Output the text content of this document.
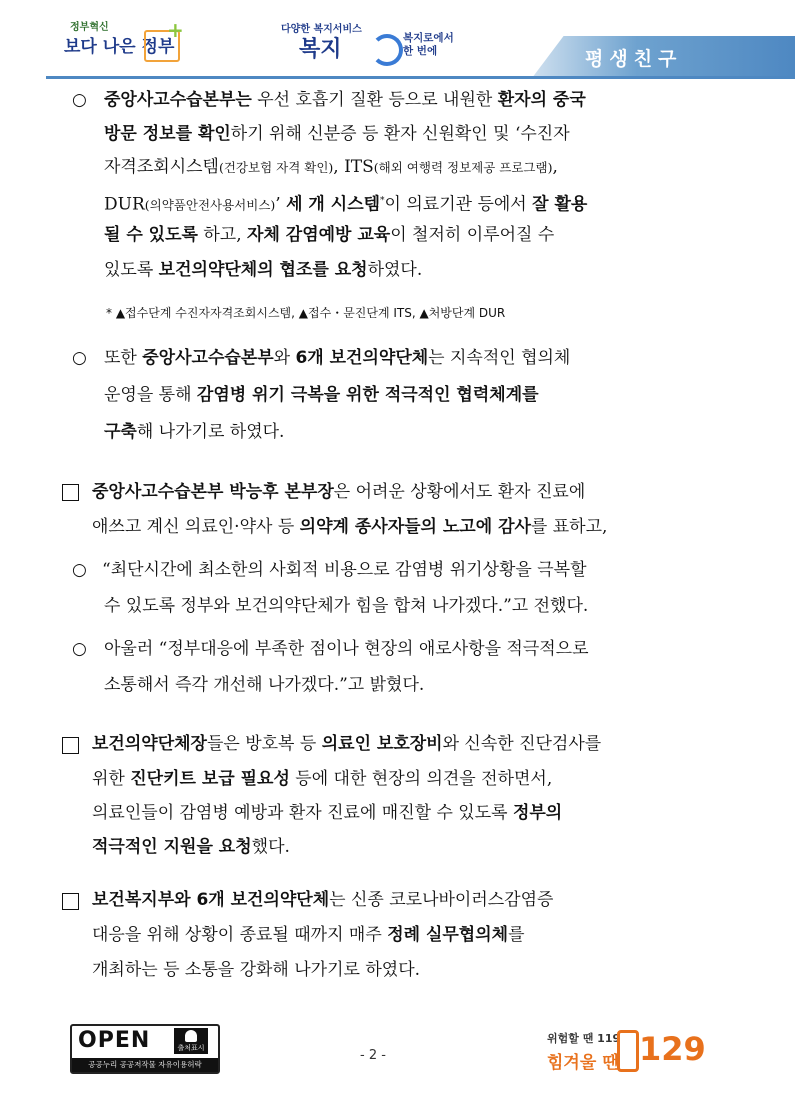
정부혁신
보다 나은 정부
+	다양한 복지서비스
복지	복지로에서
한 번에	평생친구
○ 중앙사고수습본부는 우선 호흡기 질환 등으로 내원한 환자의 중국
방문 정보를 확인하기 위해 신분증 등 환자 신원확인 및 ‘수진자
자격조회시스템(건강보험 자격 확인), ITS(해외 여행력 정보제공 프로그램),
DUR(의약품안전사용서비스)’ 세 개 시스템*이 의료기관 등에서 잘 활용
될 수 있도록 하고, 자체 감염예방 교육이 철저히 이루어질 수
있도록 보건의약단체의 협조를 요청하였다.
* ▲접수단계 수진자자격조회시스템, ▲접수・문진단계 ITS, ▲처방단계 DUR
○ 또한 중앙사고수습본부와 6개 보건의약단체는 지속적인 협의체
운영을 통해 감염병 위기 극복을 위한 적극적인 협력체계를
구축해 나가기로 하였다.
중앙사고수습본부 박능후 본부장은 어려운 상황에서도 환자 진료에
애쓰고 계신 의료인·약사 등 의약계 종사자들의 노고에 감사를 표하고,
○ “최단시간에 최소한의 사회적 비용으로 감염병 위기상황을 극복할
수 있도록 정부와 보건의약단체가 힘을 합쳐 나가겠다.”고 전했다.
○ 아울러 “정부대응에 부족한 점이나 현장의 애로사항을 적극적으로
소통해서 즉각 개선해 나가겠다.”고 밝혔다.
보건의약단체장들은 방호복 등 의료인 보호장비와 신속한 진단검사를
위한 진단키트 보급 필요성 등에 대한 현장의 의견을 전하면서,
의료인들이 감염병 예방과 환자 진료에 매진할 수 있도록 정부의
적극적인 지원을 요청했다.
보건복지부와 6개 보건의약단체는 신종 코로나바이러스감염증
대응을 위해 상황이 종료될 때까지 매주 정례 실무협의체를
개최하는 등 소통을 강화해 나가기로 하였다.
OPEN	출처표시
공공누리 공공저작물 자유이용허락
- 2 -
위험할 땐 119
힘겨울 땐 129
